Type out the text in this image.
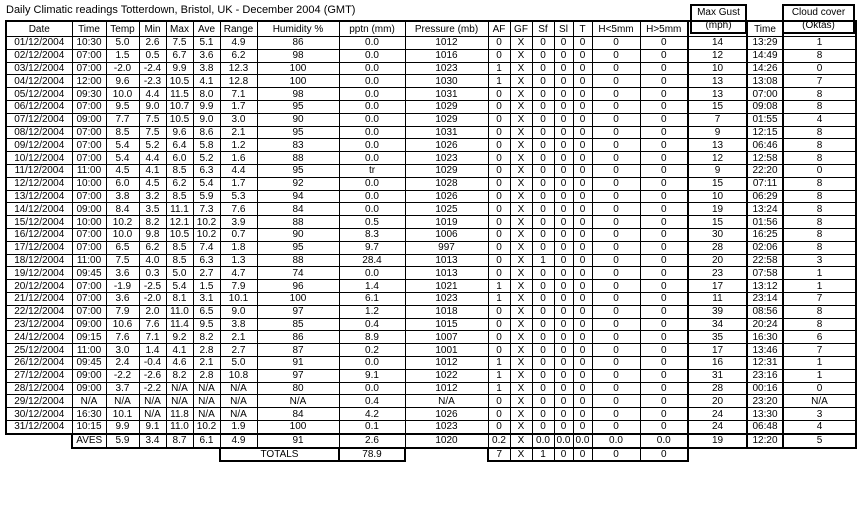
Daily Climatic readings Totterdown, Bristol, UK - December 2004 (GMT)	Max Gust
(mph)
Cloud cover
(Oktas)
Date	Time	Temp	Min	Max	Ave	Range	Humidity %	pptn (mm)	Pressure (mb)	AF	GF	Sf	Sl	T	H<5mm	H>5mm		Time	
01/12/2004	10:30	5.0	2.6	7.5	5.1	4.9	86	0.0	1012	0	X	0	0	0	0	0	14	13:29	1
02/12/2004	07:00	1.5	0.5	6.7	3.6	6.2	98	0.0	1016	0	X	0	0	0	0	0	12	14:49	8
03/12/2004	07:00	-2.0	-2.4	9.9	3.8	12.3	100	0.0	1023	1	X	0	0	0	0	0	10	14:26	0
04/12/2004	12:00	9.6	-2.3	10.5	4.1	12.8	100	0.0	1030	1	X	0	0	0	0	0	13	13:08	7
05/12/2004	09:30	10.0	4.4	11.5	8.0	7.1	98	0.0	1031	0	X	0	0	0	0	0	13	07:00	8
06/12/2004	07:00	9.5	9.0	10.7	9.9	1.7	95	0.0	1029	0	X	0	0	0	0	0	15	09:08	8
07/12/2004	09:00	7.7	7.5	10.5	9.0	3.0	90	0.0	1029	0	X	0	0	0	0	0	7	01:55	4
08/12/2004	07:00	8.5	7.5	9.6	8.6	2.1	95	0.0	1031	0	X	0	0	0	0	0	9	12:15	8
09/12/2004	07:00	5.4	5.2	6.4	5.8	1.2	83	0.0	1026	0	X	0	0	0	0	0	13	06:46	8
10/12/2004	07:00	5.4	4.4	6.0	5.2	1.6	88	0.0	1023	0	X	0	0	0	0	0	12	12:58	8
11/12/2004	11:00	4.5	4.1	8.5	6.3	4.4	95	tr	1029	0	X	0	0	0	0	0	9	22:20	0
12/12/2004	10:00	6.0	4.5	6.2	5.4	1.7	92	0.0	1028	0	X	0	0	0	0	0	15	07:11	8
13/12/2004	07:00	3.8	3.2	8.5	5.9	5.3	94	0.0	1026	0	X	0	0	0	0	0	10	06:29	8
14/12/2004	09:00	8.4	3.5	11.1	7.3	7.6	84	0.0	1025	0	X	0	0	0	0	0	19	13:24	8
15/12/2004	10:00	10.2	8.2	12.1	10.2	3.9	88	0.5	1019	0	X	0	0	0	0	0	15	01:56	8
16/12/2004	07:00	10.0	9.8	10.5	10.2	0.7	90	8.3	1006	0	X	0	0	0	0	0	30	16:25	8
17/12/2004	07:00	6.5	6.2	8.5	7.4	1.8	95	9.7	997	0	X	0	0	0	0	0	28	02:06	8
18/12/2004	11:00	7.5	4.0	8.5	6.3	1.3	88	28.4	1013	0	X	1	0	0	0	0	20	22:58	3
19/12/2004	09:45	3.6	0.3	5.0	2.7	4.7	74	0.0	1013	0	X	0	0	0	0	0	23	07:58	1
20/12/2004	07:00	-1.9	-2.5	5.4	1.5	7.9	96	1.4	1021	1	X	0	0	0	0	0	17	13:12	1
21/12/2004	07:00	3.6	-2.0	8.1	3.1	10.1	100	6.1	1023	1	X	0	0	0	0	0	11	23:14	7
22/12/2004	07:00	7.9	2.0	11.0	6.5	9.0	97	1.2	1018	0	X	0	0	0	0	0	39	08:56	8
23/12/2004	09:00	10.6	7.6	11.4	9.5	3.8	85	0.4	1015	0	X	0	0	0	0	0	34	20:24	8
24/12/2004	09:15	7.6	7.1	9.2	8.2	2.1	86	8.9	1007	0	X	0	0	0	0	0	35	16:30	6
25/12/2004	11:00	3.0	1.4	4.1	2.8	2.7	87	0.2	1001	0	X	0	0	0	0	0	17	13:46	7
26/12/2004	09:45	2.4	-0.4	4.6	2.1	5.0	91	0.0	1012	1	X	0	0	0	0	0	16	12:31	1
27/12/2004	09:00	-2.2	-2.6	8.2	2.8	10.8	97	9.1	1022	1	X	0	0	0	0	0	31	23:16	1
28/12/2004	09:00	3.7	-2.2	N/A	N/A	N/A	80	0.0	1012	1	X	0	0	0	0	0	28	00:16	0
29/12/2004	N/A	N/A	N/A	N/A	N/A	N/A	N/A	0.4	N/A	0	X	0	0	0	0	0	20	23:20	N/A
30/12/2004	16:30	10.1	N/A	11.8	N/A	N/A	84	4.2	1026	0	X	0	0	0	0	0	24	13:30	3
31/12/2004	10:15	9.9	9.1	11.0	10.2	1.9	100	0.1	1023	0	X	0	0	0	0	0	24	06:48	4
	AVES	5.9	3.4	8.7	6.1	4.9	91	2.6	1020	0.2	X	0.0	0.0	0.0	0.0	0.0	19	12:20	5
						TOTALS		78.9		7	X	1	0	0	0	0			
